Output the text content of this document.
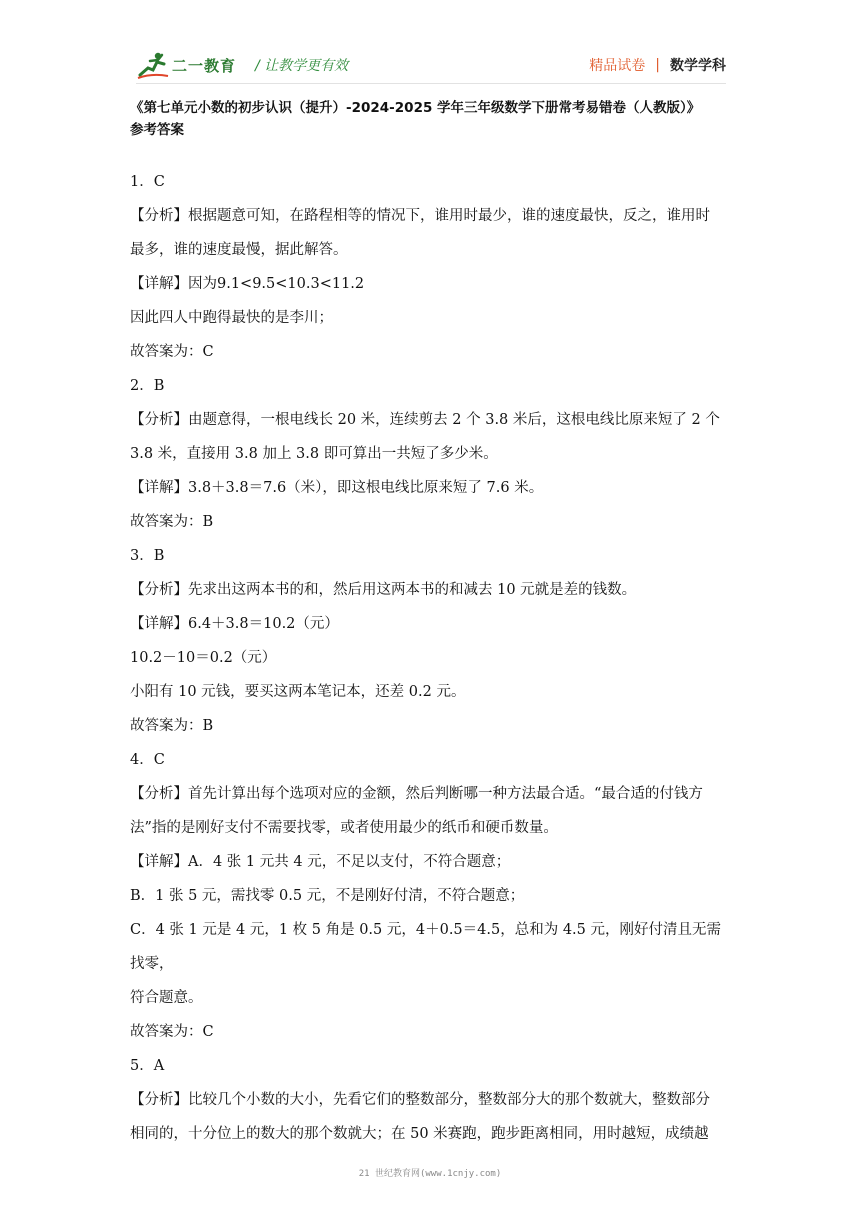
二一教育 / 让教学更有效	精品试卷 | 数学学科
《第七单元小数的初步认识（提升）-2024-2025 学年三年级数学下册常考易错卷（人教版）》
参考答案

1．C

【分析】根据题意可知，在路程相等的情况下，谁用时最少，谁的速度最快，反之，谁用时

最多，谁的速度最慢，据此解答。

【详解】因为9.1<9.5<10.3<11.2

因此四人中跑得最快的是李川；

故答案为：C

2．B

【分析】由题意得，一根电线长 20 米，连续剪去 2 个 3.8 米后，这根电线比原来短了 2 个

3.8 米，直接用 3.8 加上 3.8 即可算出一共短了多少米。

【详解】3.8＋3.8＝7.6（米），即这根电线比原来短了 7.6 米。

故答案为：B

3．B

【分析】先求出这两本书的和，然后用这两本书的和减去 10 元就是差的钱数。

【详解】6.4＋3.8＝10.2（元）

10.2－10＝0.2（元）

小阳有 10 元钱，要买这两本笔记本，还差 0.2 元。

故答案为：B

4．C

【分析】首先计算出每个选项对应的金额，然后判断哪一种方法最合适。“最合适的付钱方

法”指的是刚好支付不需要找零，或者使用最少的纸币和硬币数量。

【详解】A．4 张 1 元共 4 元，不足以支付，不符合题意；

B．1 张 5 元，需找零 0.5 元，不是刚好付清，不符合题意；

C．4 张 1 元是 4 元，1 枚 5 角是 0.5 元，4＋0.5＝4.5，总和为 4.5 元，刚好付清且无需找零，

符合题意。

故答案为：C

5．A

【分析】比较几个小数的大小，先看它们的整数部分，整数部分大的那个数就大，整数部分

相同的，十分位上的数大的那个数就大；在 50 米赛跑，跑步距离相同，用时越短，成绩越

21 世纪教育网(www.1cnjy.com)
